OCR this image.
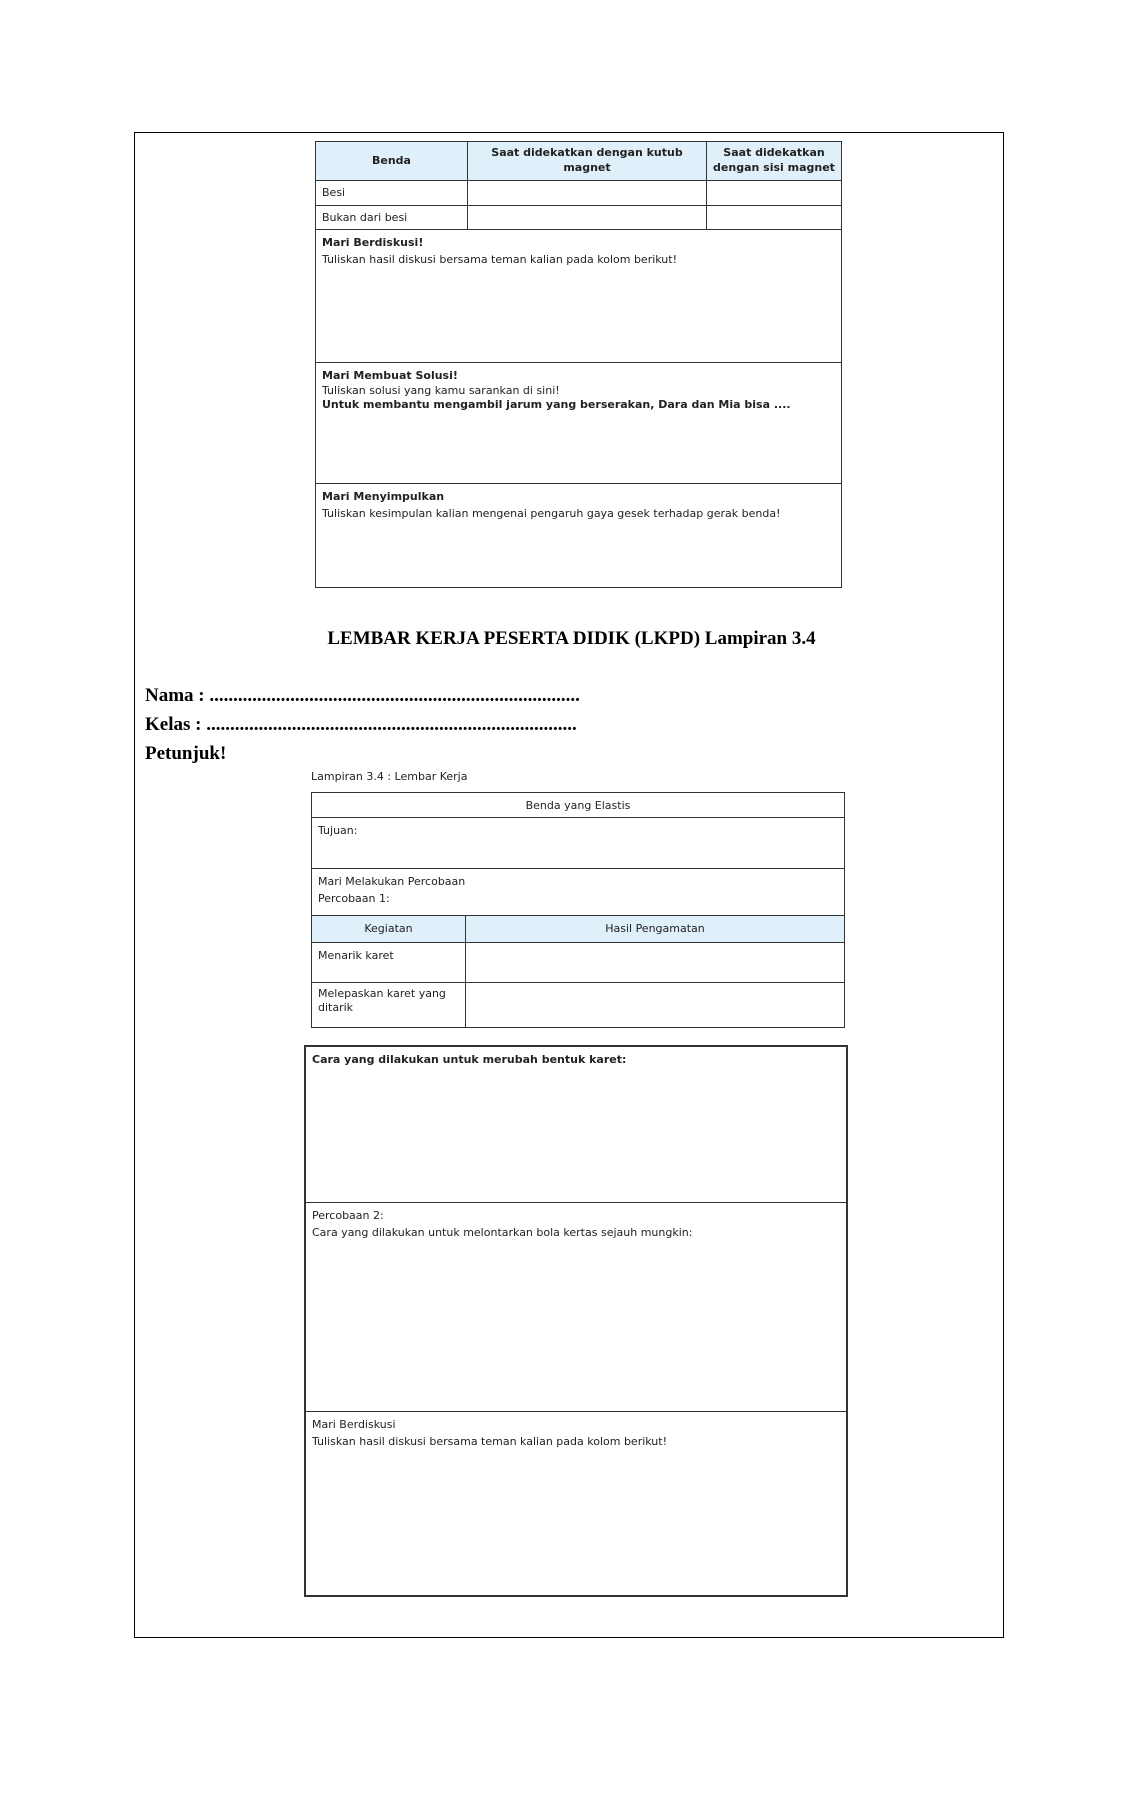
Benda
Saat didekatkan dengan kutub magnet
Saat didekatkan dengan sisi magnet
Besi
Bukan dari besi
Mari Berdiskusi!
Tuliskan hasil diskusi bersama teman kalian pada kolom berikut!
Mari Membuat Solusi!
Tuliskan solusi yang kamu sarankan di sini!
Untuk membantu mengambil jarum yang berserakan, Dara dan Mia bisa ....
Mari Menyimpulkan
Tuliskan kesimpulan kalian mengenai pengaruh gaya gesek terhadap gerak benda!
LEMBAR KERJA PESERTA DIDIK (LKPD) Lampiran 3.4
Nama : ..............................................................................
Kelas : ..............................................................................
Petunjuk!
Lampiran 3.4 : Lembar Kerja
Benda yang Elastis
Tujuan:
Mari Melakukan Percobaan
Percobaan 1:
Kegiatan	Hasil Pengamatan
Menarik karet
Melepaskan karet yang ditarik
Cara yang dilakukan untuk merubah bentuk karet:
Percobaan 2:
Cara yang dilakukan untuk melontarkan bola kertas sejauh mungkin:
Mari Berdiskusi
Tuliskan hasil diskusi bersama teman kalian pada kolom berikut!
